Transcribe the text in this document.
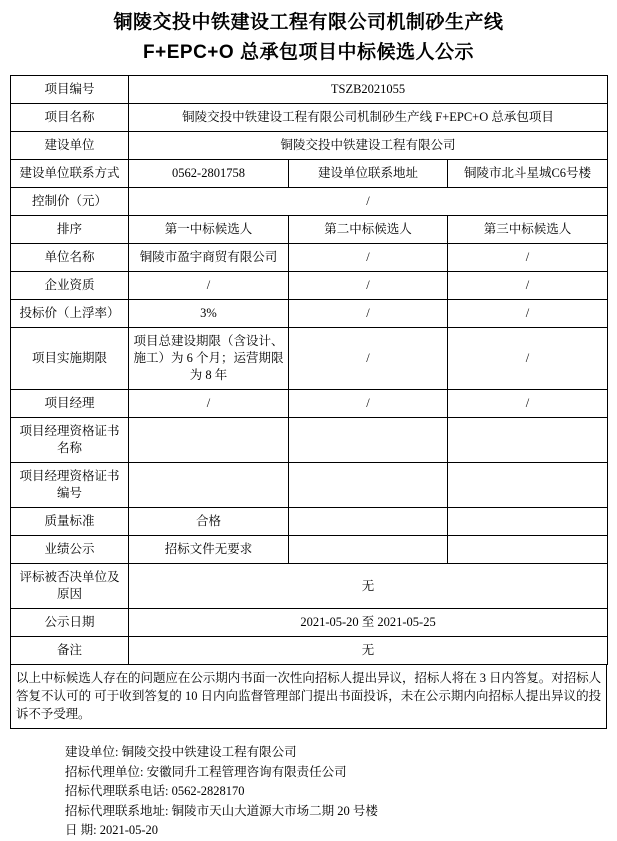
铜陵交投中铁建设工程有限公司机制砂生产线
F+EPC+O 总承包项目中标候选人公示
项目编号	TSZB2021055		
项目名称	铜陵交投中铁建设工程有限公司机制砂生产线 F+EPC+O 总承包项目		
建设单位	铜陵交投中铁建设工程有限公司		
建设单位联系方式	0562-2801758	建设单位联系地址	铜陵市北斗星城C6号楼
控制价（元）	/		
排序	第一中标候选人	第二中标候选人	第三中标候选人
单位名称	铜陵市盈宇商贸有限公司	/	/
企业资质	/	/	/
投标价（上浮率）	3%	/	/
项目实施期限	项目总建设期限（含设计、施工）为 6 个月；运营期限为 8 年	/	/
项目经理	/	/	/
项目经理资格证书名称			
项目经理资格证书编号			
质量标准	合格		
业绩公示	招标文件无要求		
评标被否决单位及原因	无		
公示日期	2021-05-20 至 2021-05-25		
备注	无		
以上中标候选人存在的问题应在公示期内书面一次性向招标人提出异议，招标人将在 3 日内答复。对招标人答复不认可的 可于收到答复的 10 日内向监督管理部门提出书面投诉，未在公示期内向招标人提出异议的投诉不予受理。
建设单位: 铜陵交投中铁建设工程有限公司
招标代理单位: 安徽同升工程管理咨询有限责任公司
招标代理联系电话: 0562-2828170
招标代理联系地址: 铜陵市天山大道源大市场二期 20 号楼
日 期: 2021-05-20
